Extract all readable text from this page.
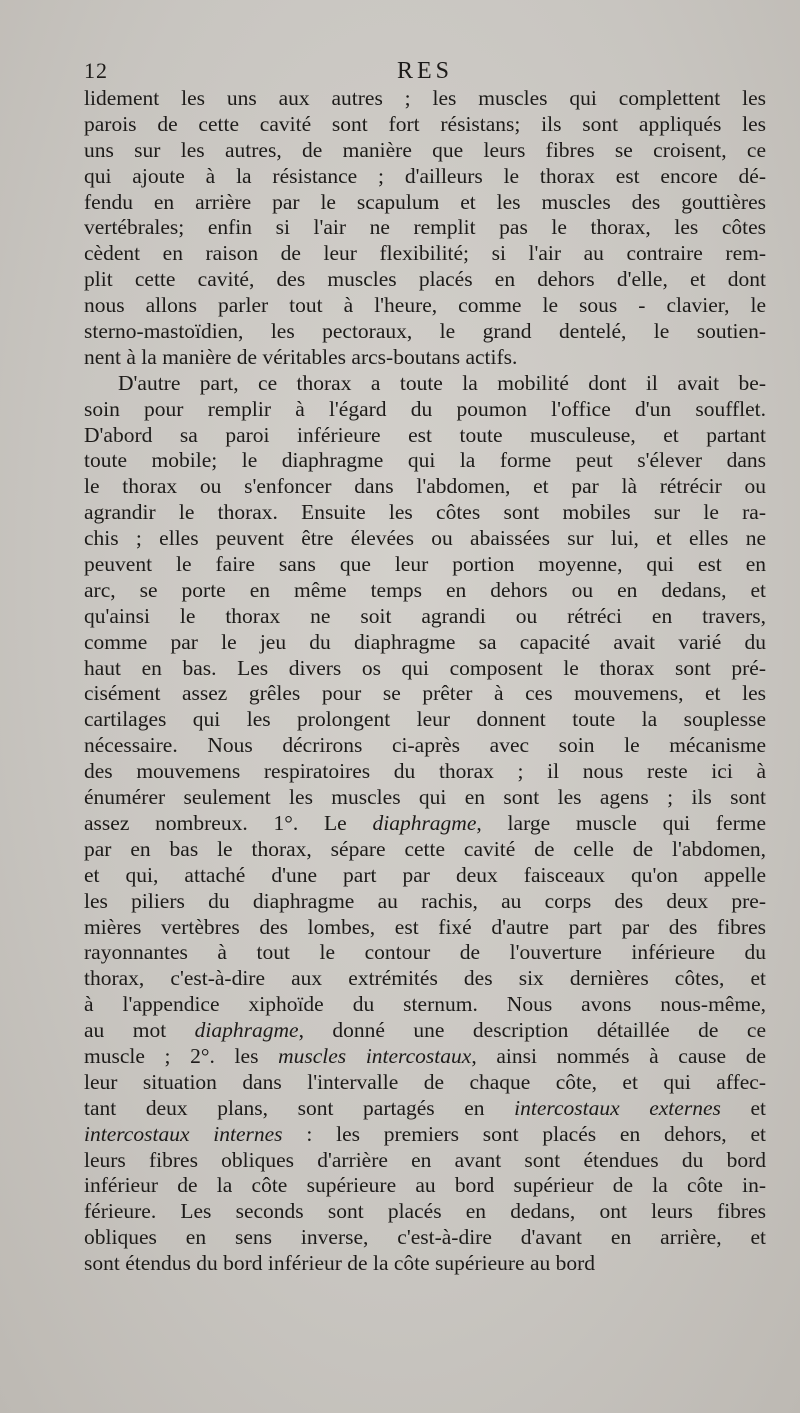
12	RES

lidement les uns aux autres ; les muscles qui complettent les
parois de cette cavité sont fort résistans; ils sont appliqués les
uns sur les autres, de manière que leurs fibres se croisent, ce
qui ajoute à la résistance ; d'ailleurs le thorax est encore dé-
fendu en arrière par le scapulum et les muscles des gouttières
vertébrales; enfin si l'air ne remplit pas le thorax, les côtes
cèdent en raison de leur flexibilité; si l'air au contraire rem-
plit cette cavité, des muscles placés en dehors d'elle, et dont
nous allons parler tout à l'heure, comme le sous - clavier, le
sterno-mastoïdien, les pectoraux, le grand dentelé, le soutien-
nent à la manière de véritables arcs-boutans actifs.

D'autre part, ce thorax a toute la mobilité dont il avait be-
soin pour remplir à l'égard du poumon l'office d'un soufflet.
D'abord sa paroi inférieure est toute musculeuse, et partant
toute mobile; le diaphragme qui la forme peut s'élever dans
le thorax ou s'enfoncer dans l'abdomen, et par là rétrécir ou
agrandir le thorax. Ensuite les côtes sont mobiles sur le ra-
chis ; elles peuvent être élevées ou abaissées sur lui, et elles ne
peuvent le faire sans que leur portion moyenne, qui est en
arc, se porte en même temps en dehors ou en dedans, et
qu'ainsi le thorax ne soit agrandi ou rétréci en travers,
comme par le jeu du diaphragme sa capacité avait varié du
haut en bas. Les divers os qui composent le thorax sont pré-
cisément assez grêles pour se prêter à ces mouvemens, et les
cartilages qui les prolongent leur donnent toute la souplesse
nécessaire. Nous décrirons ci-après avec soin le mécanisme
des mouvemens respiratoires du thorax ; il nous reste ici à
énumérer seulement les muscles qui en sont les agens ; ils sont
assez nombreux. 1°. Le diaphragme, large muscle qui ferme
par en bas le thorax, sépare cette cavité de celle de l'abdomen,
et qui, attaché d'une part par deux faisceaux qu'on appelle
les piliers du diaphragme au rachis, au corps des deux pre-
mières vertèbres des lombes, est fixé d'autre part par des fibres
rayonnantes à tout le contour de l'ouverture inférieure du
thorax, c'est-à-dire aux extrémités des six dernières côtes, et
à l'appendice xiphoïde du sternum. Nous avons nous-même,
au mot diaphragme, donné une description détaillée de ce
muscle ; 2°. les muscles intercostaux, ainsi nommés à cause de
leur situation dans l'intervalle de chaque côte, et qui affec-
tant deux plans, sont partagés en intercostaux externes et
intercostaux internes : les premiers sont placés en dehors, et
leurs fibres obliques d'arrière en avant sont étendues du bord
inférieur de la côte supérieure au bord supérieur de la côte in-
férieure. Les seconds sont placés en dedans, ont leurs fibres
obliques en sens inverse, c'est-à-dire d'avant en arrière, et
sont étendus du bord inférieur de la côte supérieure au bord
